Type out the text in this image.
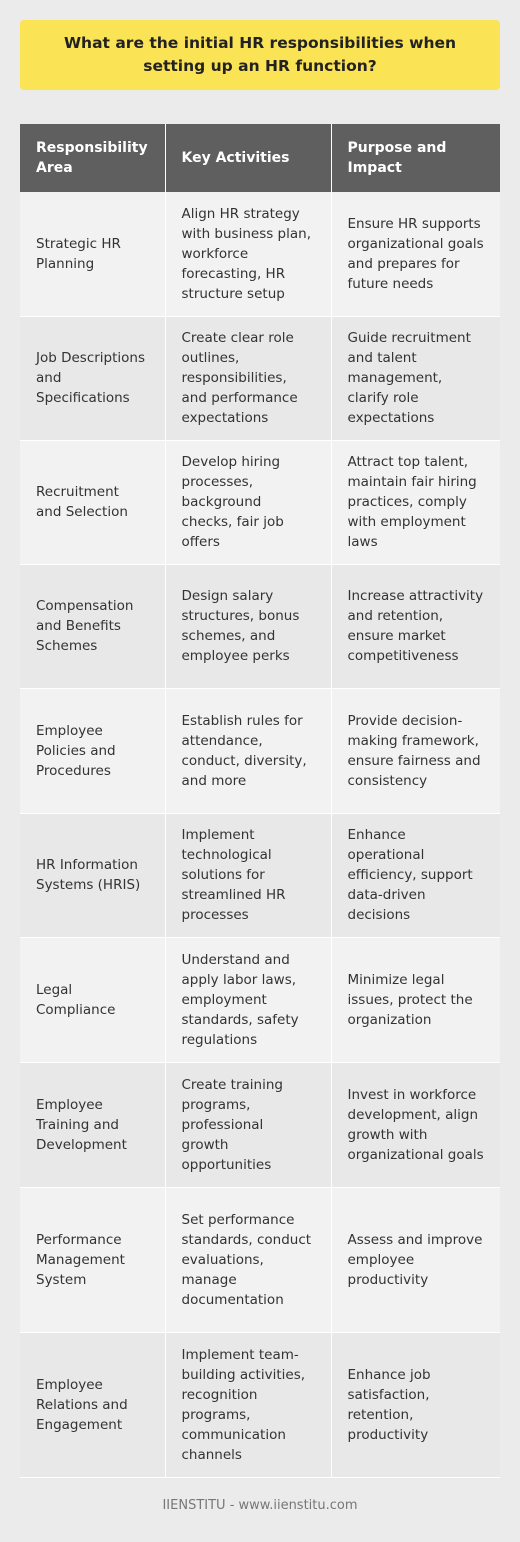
What are the initial HR responsibilities when setting up an HR function?
Responsibility Area	Key Activities	Purpose and Impact
Strategic HR Planning	Align HR strategy with business plan, workforce forecasting, HR structure setup	Ensure HR supports organizational goals and prepares for future needs
Job Descriptions and Specifications	Create clear role outlines, responsibilities, and performance expectations	Guide recruitment and talent management, clarify role expectations
Recruitment and Selection	Develop hiring processes, background checks, fair job offers	Attract top talent, maintain fair hiring practices, comply with employment laws
Compensation and Benefits Schemes	Design salary structures, bonus schemes, and employee perks	Increase attractivity and retention, ensure market competitiveness
Employee Policies and Procedures	Establish rules for attendance, conduct, diversity, and more	Provide decision-making framework, ensure fairness and consistency
HR Information Systems (HRIS)	Implement technological solutions for streamlined HR processes	Enhance operational efficiency, support data-driven decisions
Legal Compliance	Understand and apply labor laws, employment standards, safety regulations	Minimize legal issues, protect the organization
Employee Training and Development	Create training programs, professional growth opportunities	Invest in workforce development, align growth with organizational goals
Performance Management System	Set performance standards, conduct evaluations, manage documentation	Assess and improve employee productivity
Employee Relations and Engagement	Implement team-building activities, recognition programs, communication channels	Enhance job satisfaction, retention, productivity
IIENSTITU - www.iienstitu.com
